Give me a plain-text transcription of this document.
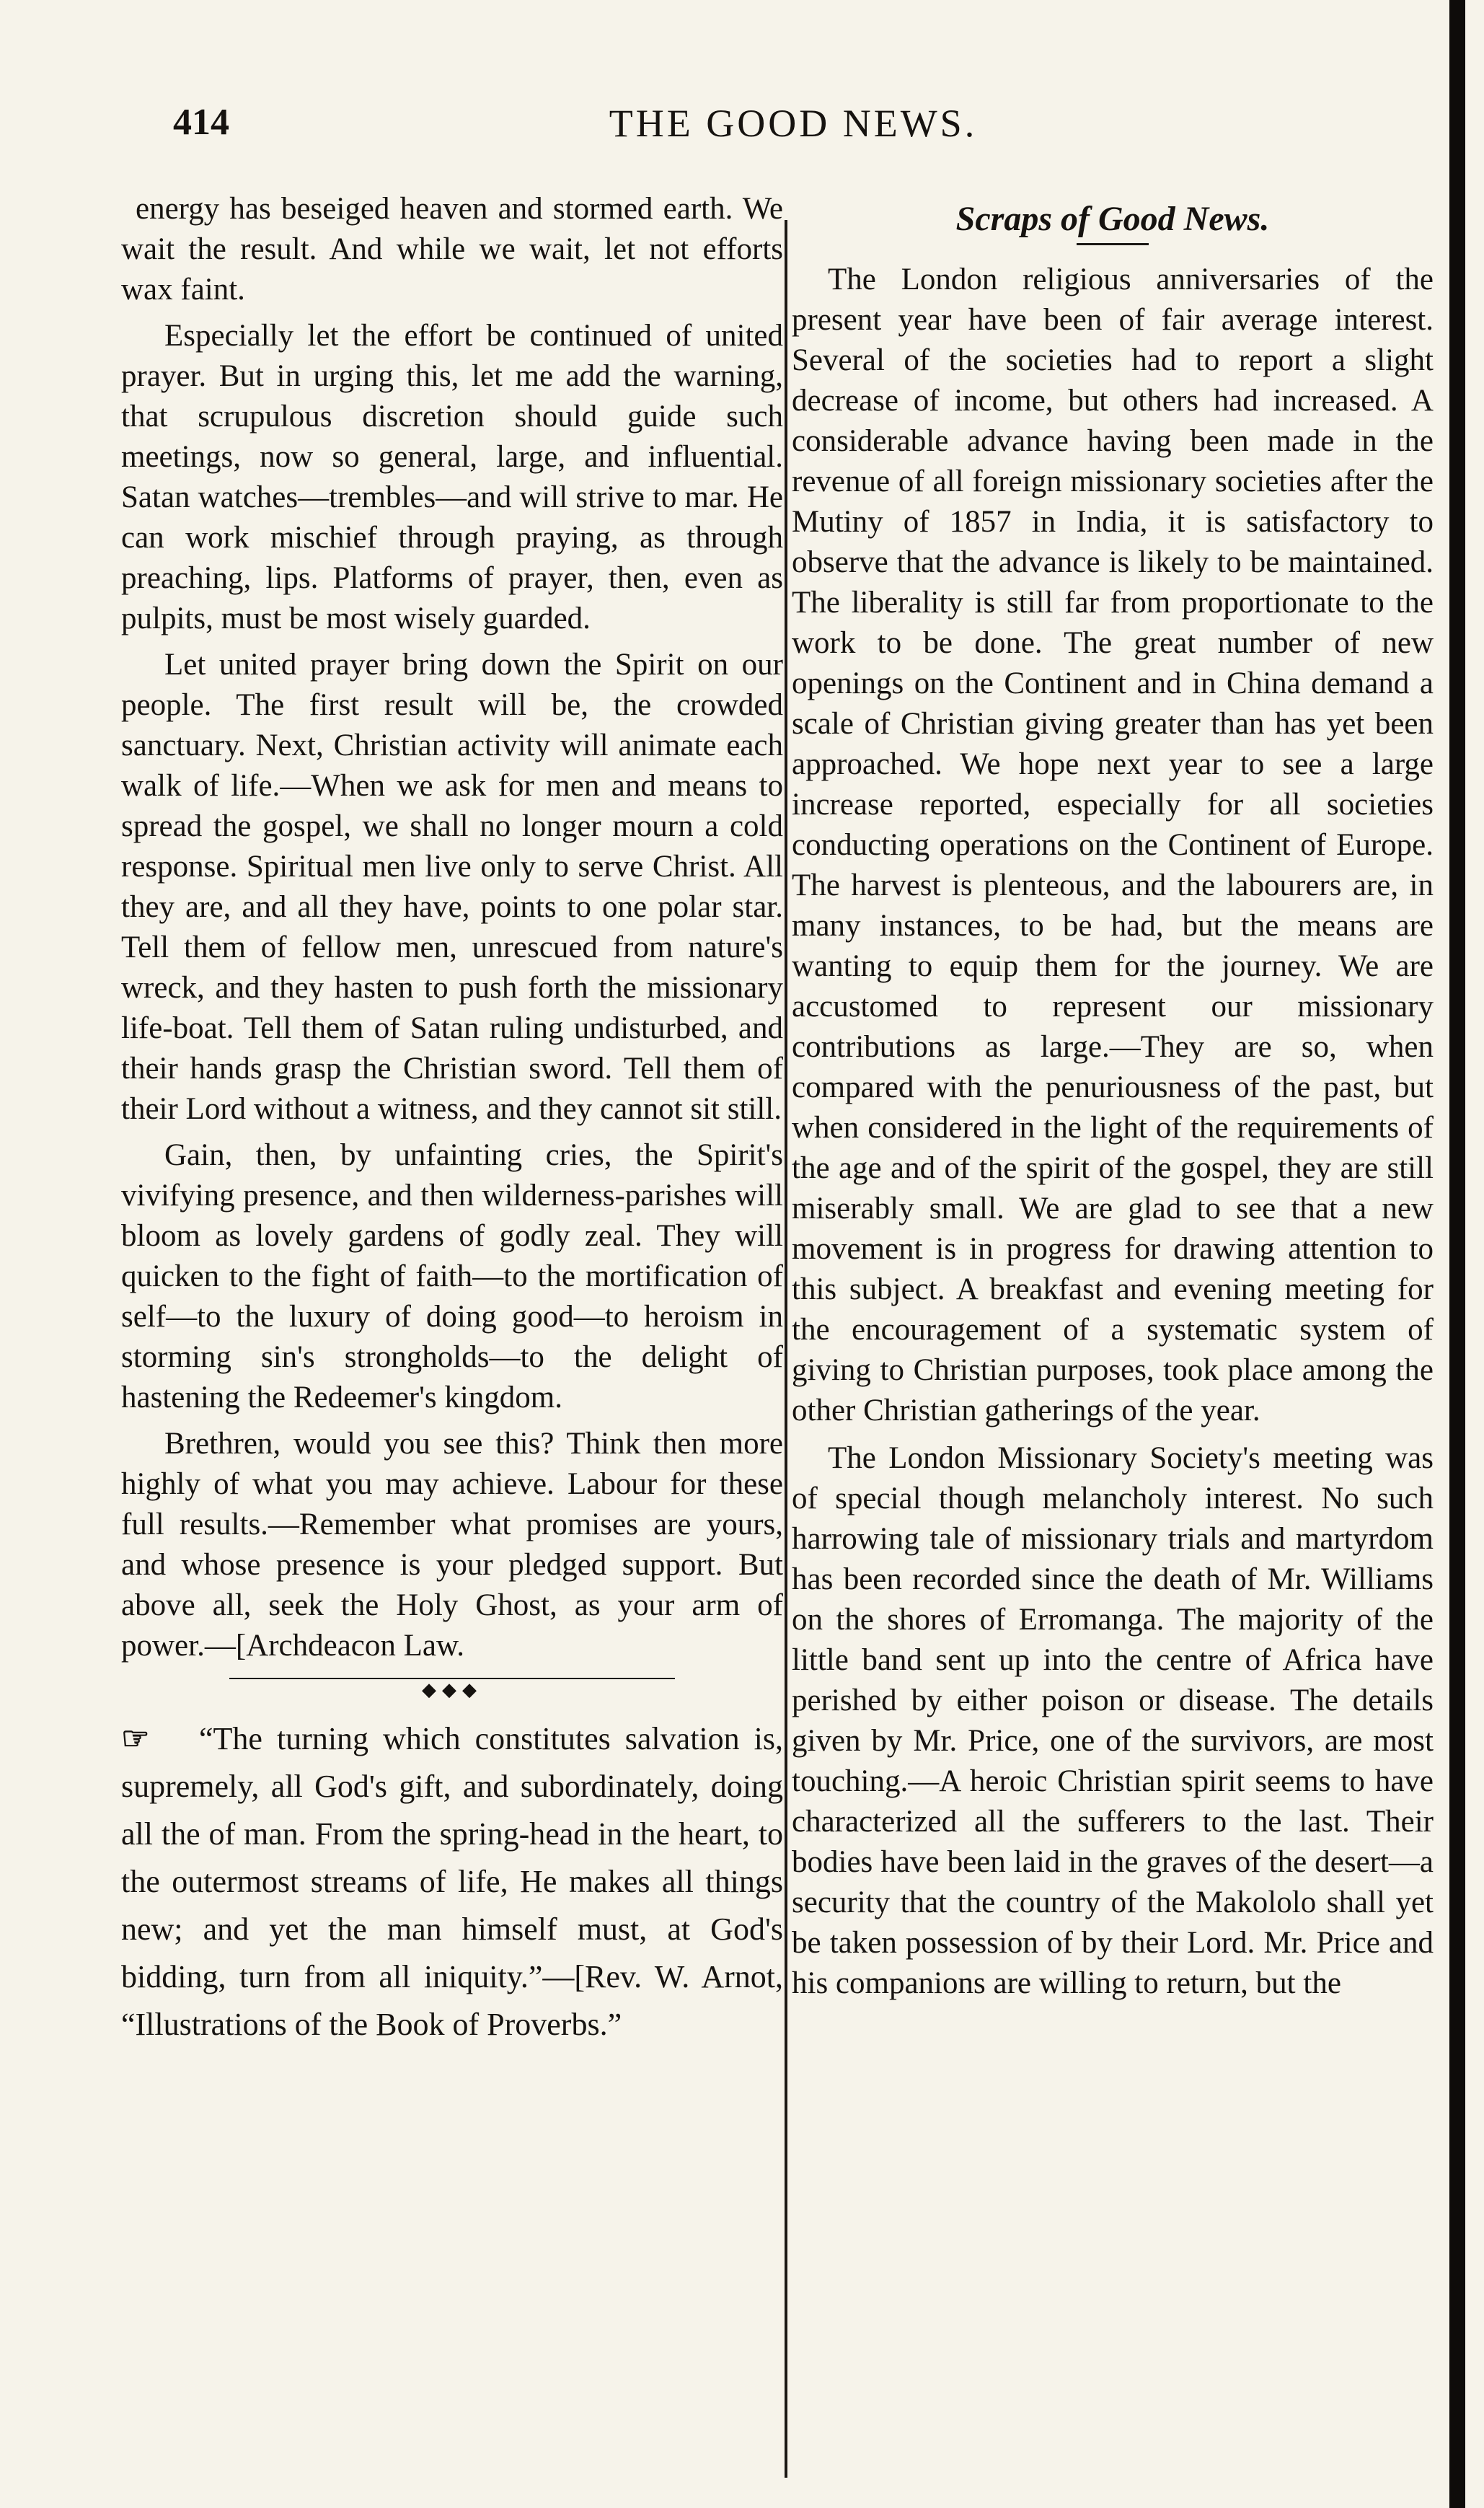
414	THE GOOD NEWS.

energy has beseiged heaven and stormed earth. We wait the result. And while we wait, let not efforts wax faint.

Especially let the effort be continued of united prayer. But in urging this, let me add the warning, that scrupulous discretion should guide such meetings, now so general, large, and influential. Satan watches—trembles—and will strive to mar. He can work mischief through praying, as through preaching, lips. Platforms of prayer, then, even as pulpits, must be most wisely guarded.

Let united prayer bring down the Spirit on our people. The first result will be, the crowded sanctuary. Next, Christian activity will animate each walk of life.—When we ask for men and means to spread the gospel, we shall no longer mourn a cold response. Spiritual men live only to serve Christ. All they are, and all they have, points to one polar star. Tell them of fellow men, unrescued from nature's wreck, and they hasten to push forth the missionary life-boat. Tell them of Satan ruling undisturbed, and their hands grasp the Christian sword. Tell them of their Lord without a witness, and they cannot sit still.

Gain, then, by unfainting cries, the Spirit's vivifying presence, and then wilderness-parishes will bloom as lovely gardens of godly zeal. They will quicken to the fight of faith—to the mortification of self—to the luxury of doing good—to heroism in storming sin's strongholds—to the delight of hastening the Redeemer's kingdom.

Brethren, would you see this? Think then more highly of what you may achieve. Labour for these full results.—Remember what promises are yours, and whose presence is your pledged support. But above all, seek the Holy Ghost, as your arm of power.—[Archdeacon Law.

◆◆◆

☞ “The turning which constitutes salvation is, supremely, all God's gift, and subordinately, doing all the of man. From the spring-head in the heart, to the outermost streams of life, He makes all things new; and yet the man himself must, at God's bidding, turn from all iniquity.”—[Rev. W. Arnot, “Illustrations of the Book of Proverbs.”

Scraps of Good News.

The London religious anniversaries of the present year have been of fair average interest. Several of the societies had to report a slight decrease of income, but others had increased. A considerable advance having been made in the revenue of all foreign missionary societies after the Mutiny of 1857 in India, it is satisfactory to observe that the advance is likely to be maintained. The liberality is still far from proportionate to the work to be done. The great number of new openings on the Continent and in China demand a scale of Christian giving greater than has yet been approached. We hope next year to see a large increase reported, especially for all societies conducting operations on the Continent of Europe. The harvest is plenteous, and the labourers are, in many instances, to be had, but the means are wanting to equip them for the journey. We are accustomed to represent our missionary contributions as large.—They are so, when compared with the penuriousness of the past, but when considered in the light of the requirements of the age and of the spirit of the gospel, they are still miserably small. We are glad to see that a new movement is in progress for drawing attention to this subject. A breakfast and evening meeting for the encouragement of a systematic system of giving to Christian purposes, took place among the other Christian gatherings of the year.

The London Missionary Society's meeting was of special though melancholy interest. No such harrowing tale of missionary trials and martyrdom has been recorded since the death of Mr. Williams on the shores of Erromanga. The majority of the little band sent up into the centre of Africa have perished by either poison or disease. The details given by Mr. Price, one of the survivors, are most touching.—A heroic Christian spirit seems to have characterized all the sufferers to the last. Their bodies have been laid in the graves of the desert—a security that the country of the Makololo shall yet be taken possession of by their Lord. Mr. Price and his companions are willing to return, but the
